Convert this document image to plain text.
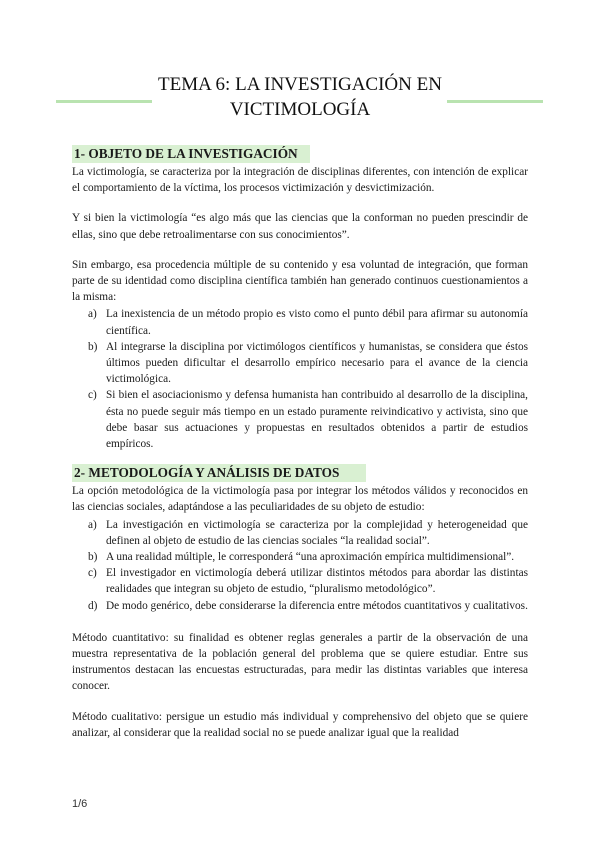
TEMA 6: LA INVESTIGACIÓN EN
VICTIMOLOGÍA
1- OBJETO DE LA INVESTIGACIÓN

La victimología, se caracteriza por la integración de disciplinas diferentes, con intención de explicar el comportamiento de la víctima, los procesos victimización y desvictimización.

Y si bien la victimología “es algo más que las ciencias que la conforman no pueden prescindir de ellas, sino que debe retroalimentarse con sus conocimientos”.

Sin embargo, esa procedencia múltiple de su contenido y esa voluntad de integración, que forman parte de su identidad como disciplina científica también han generado continuos cuestionamientos a la misma:

a) La inexistencia de un método propio es visto como el punto débil para afirmar su autonomía científica.
b) Al integrarse la disciplina por victimólogos científicos y humanistas, se considera que éstos últimos pueden dificultar el desarrollo empírico necesario para el avance de la ciencia victimológica.
c) Si bien el asociacionismo y defensa humanista han contribuido al desarrollo de la disciplina, ésta no puede seguir más tiempo en un estado puramente reivindicativo y activista, sino que debe basar sus actuaciones y propuestas en resultados obtenidos a partir de estudios empíricos.
2- METODOLOGÍA Y ANÁLISIS DE DATOS

La opción metodológica de la victimología pasa por integrar los métodos válidos y reconocidos en las ciencias sociales, adaptándose a las peculiaridades de su objeto de estudio:

a) La investigación en victimología se caracteriza por la complejidad y heterogeneidad que definen al objeto de estudio de las ciencias sociales “la realidad social”.
b) A una realidad múltiple, le corresponderá “una aproximación empírica multidimensional”.
c) El investigador en victimología deberá utilizar distintos métodos para abordar las distintas realidades que integran su objeto de estudio, “pluralismo metodológico”.
d) De modo genérico, debe considerarse la diferencia entre métodos cuantitativos y cualitativos.

Método cuantitativo: su finalidad es obtener reglas generales a partir de la observación de una muestra representativa de la población general del problema que se quiere estudiar. Entre sus instrumentos destacan las encuestas estructuradas, para medir las distintas variables que interesa conocer.

Método cualitativo: persigue un estudio más individual y comprehensivo del objeto que se quiere analizar, al considerar que la realidad social no se puede analizar igual que la realidad

1/6
